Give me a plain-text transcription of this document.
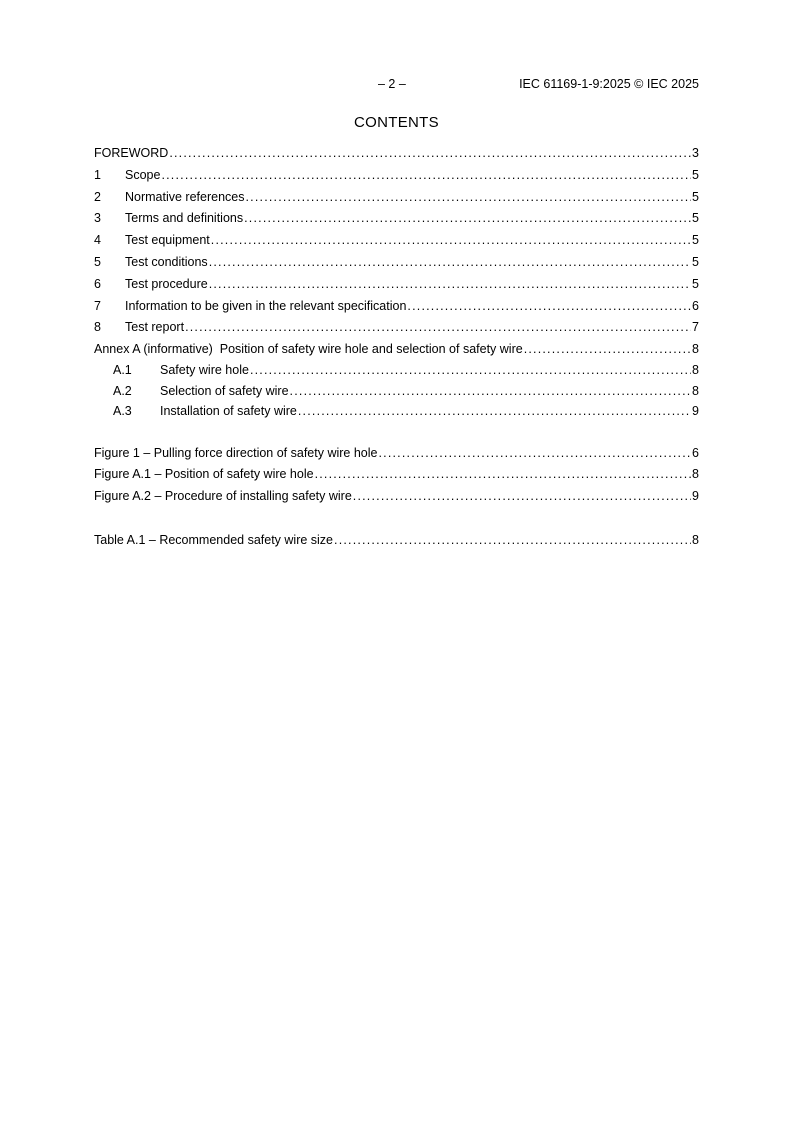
– 2 –	IEC 61169-1-9:2025 © IEC 2025
CONTENTS
FOREWORD .....	3
1	Scope .....	5
2	Normative references .....	5
3	Terms and definitions .....	5
4	Test equipment .....	5
5	Test conditions .....	5
6	Test procedure .....	5
7	Information to be given in the relevant specification .....	6
8	Test report .....	7
Annex A (informative)  Position of safety wire hole and selection of safety wire .....	8
A.1	Safety wire hole .....	8
A.2	Selection of safety wire .....	8
A.3	Installation of safety wire .....	9
Figure 1 – Pulling force direction of safety wire hole .....	6
Figure A.1 – Position of safety wire hole .....	8
Figure A.2 – Procedure of installing safety wire .....	9
Table A.1 – Recommended safety wire size .....	8
